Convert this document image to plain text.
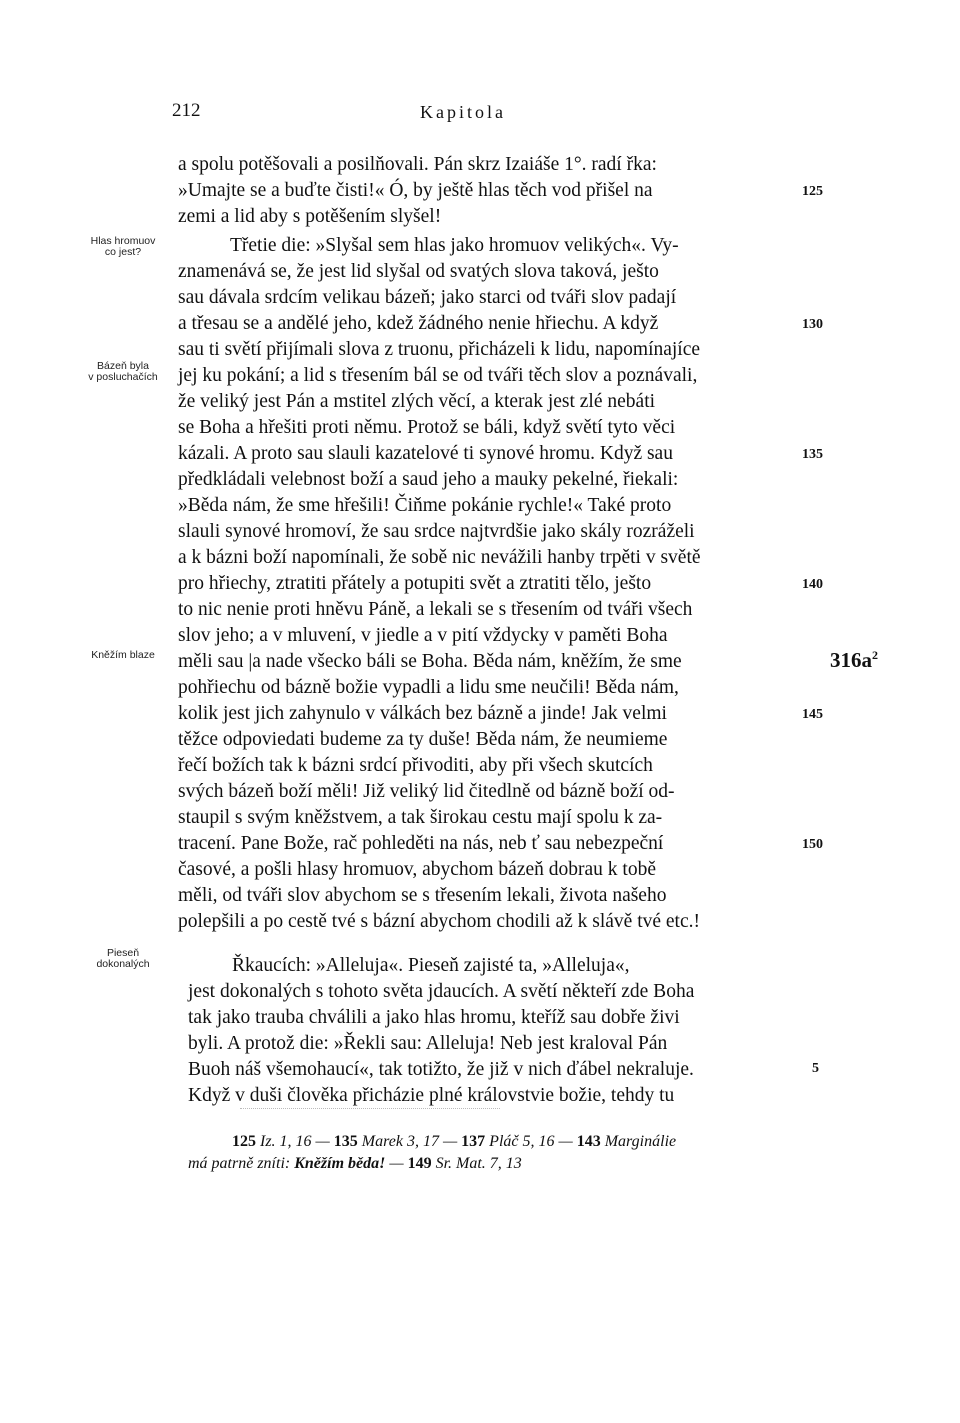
212	Kapitola
Hlas hromuov
co jest?
Bázeň byla
v posluchačích
Kněžím blaze
Pieseň
dokonalých
a spolu potěšovali a posilňovali. Pán skrz Izaiáše 1°. radí řka:
»Umajte se a buďte čisti!« Ó, by ještě hlas těch vod přišel na
zemi a lid aby s potěšením slyšel!
Třetie die: »Slyšal sem hlas jako hromuov velikých«. Vy-
znamenává se, že jest lid slyšal od svatých slova taková, ješto
sau dávala srdcím velikau bázeň; jako starci od tváři slov padají
a třesau se a andělé jeho, kdež žádného nenie hřiechu. A když
sau ti světí přijímali slova z truonu, přicházeli k lidu, napomínajíce
jej ku pokání; a lid s třesením bál se od tváři těch slov a poznávali,
že veliký jest Pán a mstitel zlých věcí, a kterak jest zlé nebáti
se Boha a hřešiti proti němu. Protož se báli, když světí tyto věci
kázali. A proto sau slauli kazatelové ti synové hromu. Když sau
předkládali velebnost boží a saud jeho a mauky pekelné, řiekali:
»Běda nám, že sme hřešili! Čiňme pokánie rychle!« Také proto
slauli synové hromoví, že sau srdce najtvrdšie jako skály rozráželi
a k bázni boží napomínali, že sobě nic nevážili hanby trpěti v světě
pro hřiechy, ztratiti přátely a potupiti svět a ztratiti tělo, ješto
to nic nenie proti hněvu Páně, a lekali se s třesením od tváři všech
slov jeho; a v mluvení, v jiedle a v pití vždycky v paměti Boha
měli sau |a nade všecko báli se Boha. Běda nám, kněžím, že sme
pohřiechu od bázně božie vypadli a lidu sme neučili! Běda nám,
kolik jest jich zahynulo v válkách bez bázně a jinde! Jak velmi
těžce odpoviedati budeme za ty duše! Běda nám, že neumieme
řečí božích tak k bázni srdcí přivoditi, aby při všech skutcích
svých bázeň boží měli! Již veliký lid čitedlně od bázně boží od-
staupil s svým kněžstvem, a tak širokau cestu mají spolu k za-
tracení. Pane Bože, rač pohleděti na nás, neb ť sau nebezpeční
časové, a pošli hlasy hromuov, abychom bázeň dobrau k tobě
měli, od tváři slov abychom se s třesením lekali, života našeho
polepšili a po cestě tvé s bázní abychom chodili až k slávě tvé etc.!
Řkaucích: »Alleluja«. Pieseň zajisté ta, »Alleluja«,
jest dokonalých s tohoto světa jdaucích. A světí někteří zde Boha
tak jako trauba chválili a jako hlas hromu, kteříž sau dobře živi
byli. A protož die: »Řekli sau: Alleluja! Neb jest kraloval Pán
Buoh náš všemohaucí«, tak totižto, že již v nich ďábel nekraluje.
Když v duši člověka přicházie plné královstvie božie, tehdy tu
125
130
135
140
145
150
5
$316a^2$
125 Iz. 1, 16 — 135 Marek 3, 17 — 137 Pláč 5, 16 — 143 Marginálie
má patrně zníti: Kněžím běda! — 149 Sr. Mat. 7, 13
